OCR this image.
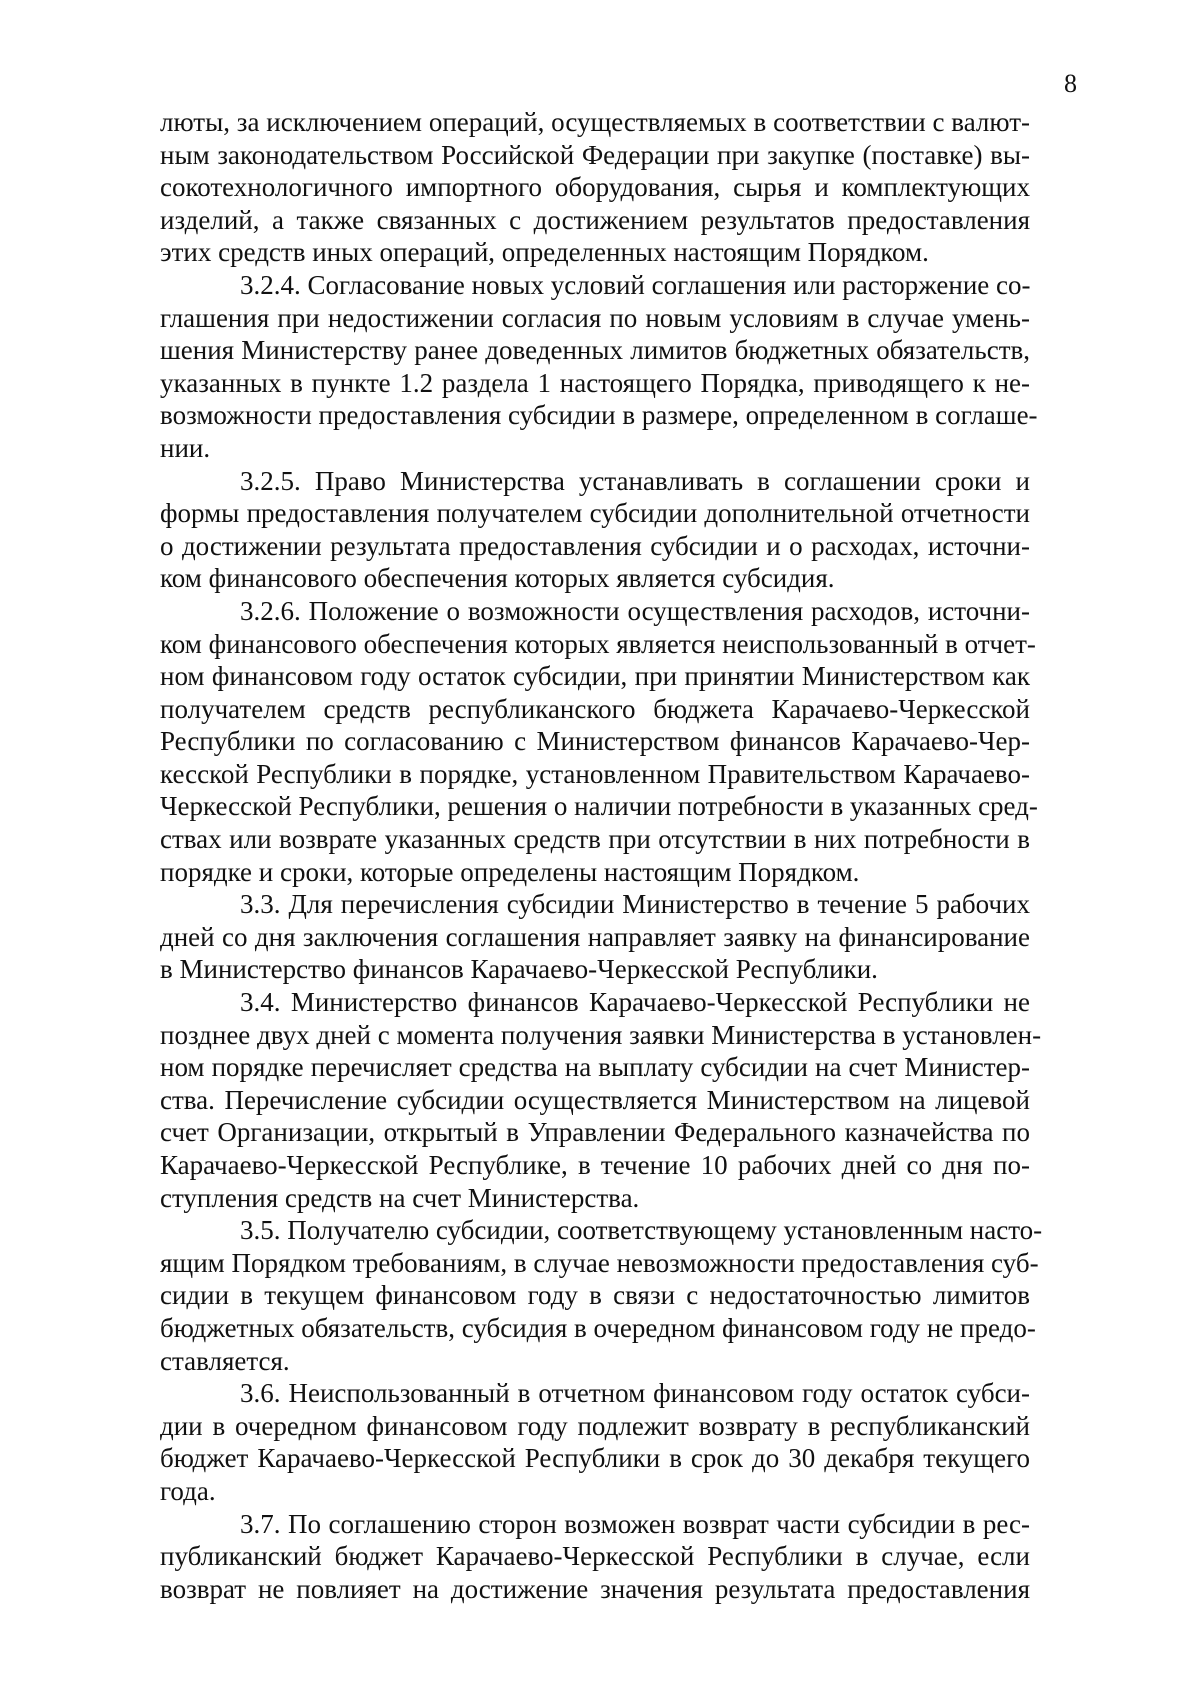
8
люты, за исключением операций, осуществляемых в соответствии с валют-
ным законодательством Российской Федерации при закупке (поставке) вы-
сокотехнологичного импортного оборудования, сырья и комплектующих
изделий, а также связанных с достижением результатов предоставления
этих средств иных операций, определенных настоящим Порядком.
3.2.4. Согласование новых условий соглашения или расторжение со-
глашения при недостижении согласия по новым условиям в случае умень-
шения Министерству ранее доведенных лимитов бюджетных обязательств,
указанных в пункте 1.2 раздела 1 настоящего Порядка, приводящего к не-
возможности предоставления субсидии в размере, определенном в соглаше-
нии.
3.2.5. Право Министерства устанавливать в соглашении сроки и
формы предоставления получателем субсидии дополнительной отчетности
о достижении результата предоставления субсидии и о расходах, источни-
ком финансового обеспечения которых является субсидия.
3.2.6. Положение о возможности осуществления расходов, источни-
ком финансового обеспечения которых является неиспользованный в отчет-
ном финансовом году остаток субсидии, при принятии Министерством как
получателем средств республиканского бюджета Карачаево-Черкесской
Республики по согласованию с Министерством финансов Карачаево-Чер-
кесской Республики в порядке, установленном Правительством Карачаево-
Черкесской Республики, решения о наличии потребности в указанных сред-
ствах или возврате указанных средств при отсутствии в них потребности в
порядке и сроки, которые определены настоящим Порядком.
3.3. Для перечисления субсидии Министерство в течение 5 рабочих
дней со дня заключения соглашения направляет заявку на финансирование
в Министерство финансов Карачаево-Черкесской Республики.
3.4. Министерство финансов Карачаево-Черкесской Республики не
позднее двух дней с момента получения заявки Министерства в установлен-
ном порядке перечисляет средства на выплату субсидии на счет Министер-
ства. Перечисление субсидии осуществляется Министерством на лицевой
счет Организации, открытый в Управлении Федерального казначейства по
Карачаево-Черкесской Республике, в течение 10 рабочих дней со дня по-
ступления средств на счет Министерства.
3.5. Получателю субсидии, соответствующему установленным насто-
ящим Порядком требованиям, в случае невозможности предоставления суб-
сидии в текущем финансовом году в связи с недостаточностью лимитов
бюджетных обязательств, субсидия в очередном финансовом году не предо-
ставляется.
3.6. Неиспользованный в отчетном финансовом году остаток субси-
дии в очередном финансовом году подлежит возврату в республиканский
бюджет Карачаево-Черкесской Республики в срок до 30 декабря текущего
года.
3.7. По соглашению сторон возможен возврат части субсидии в рес-
публиканский бюджет Карачаево-Черкесской Республики в случае, если
возврат не повлияет на достижение значения результата предоставления
